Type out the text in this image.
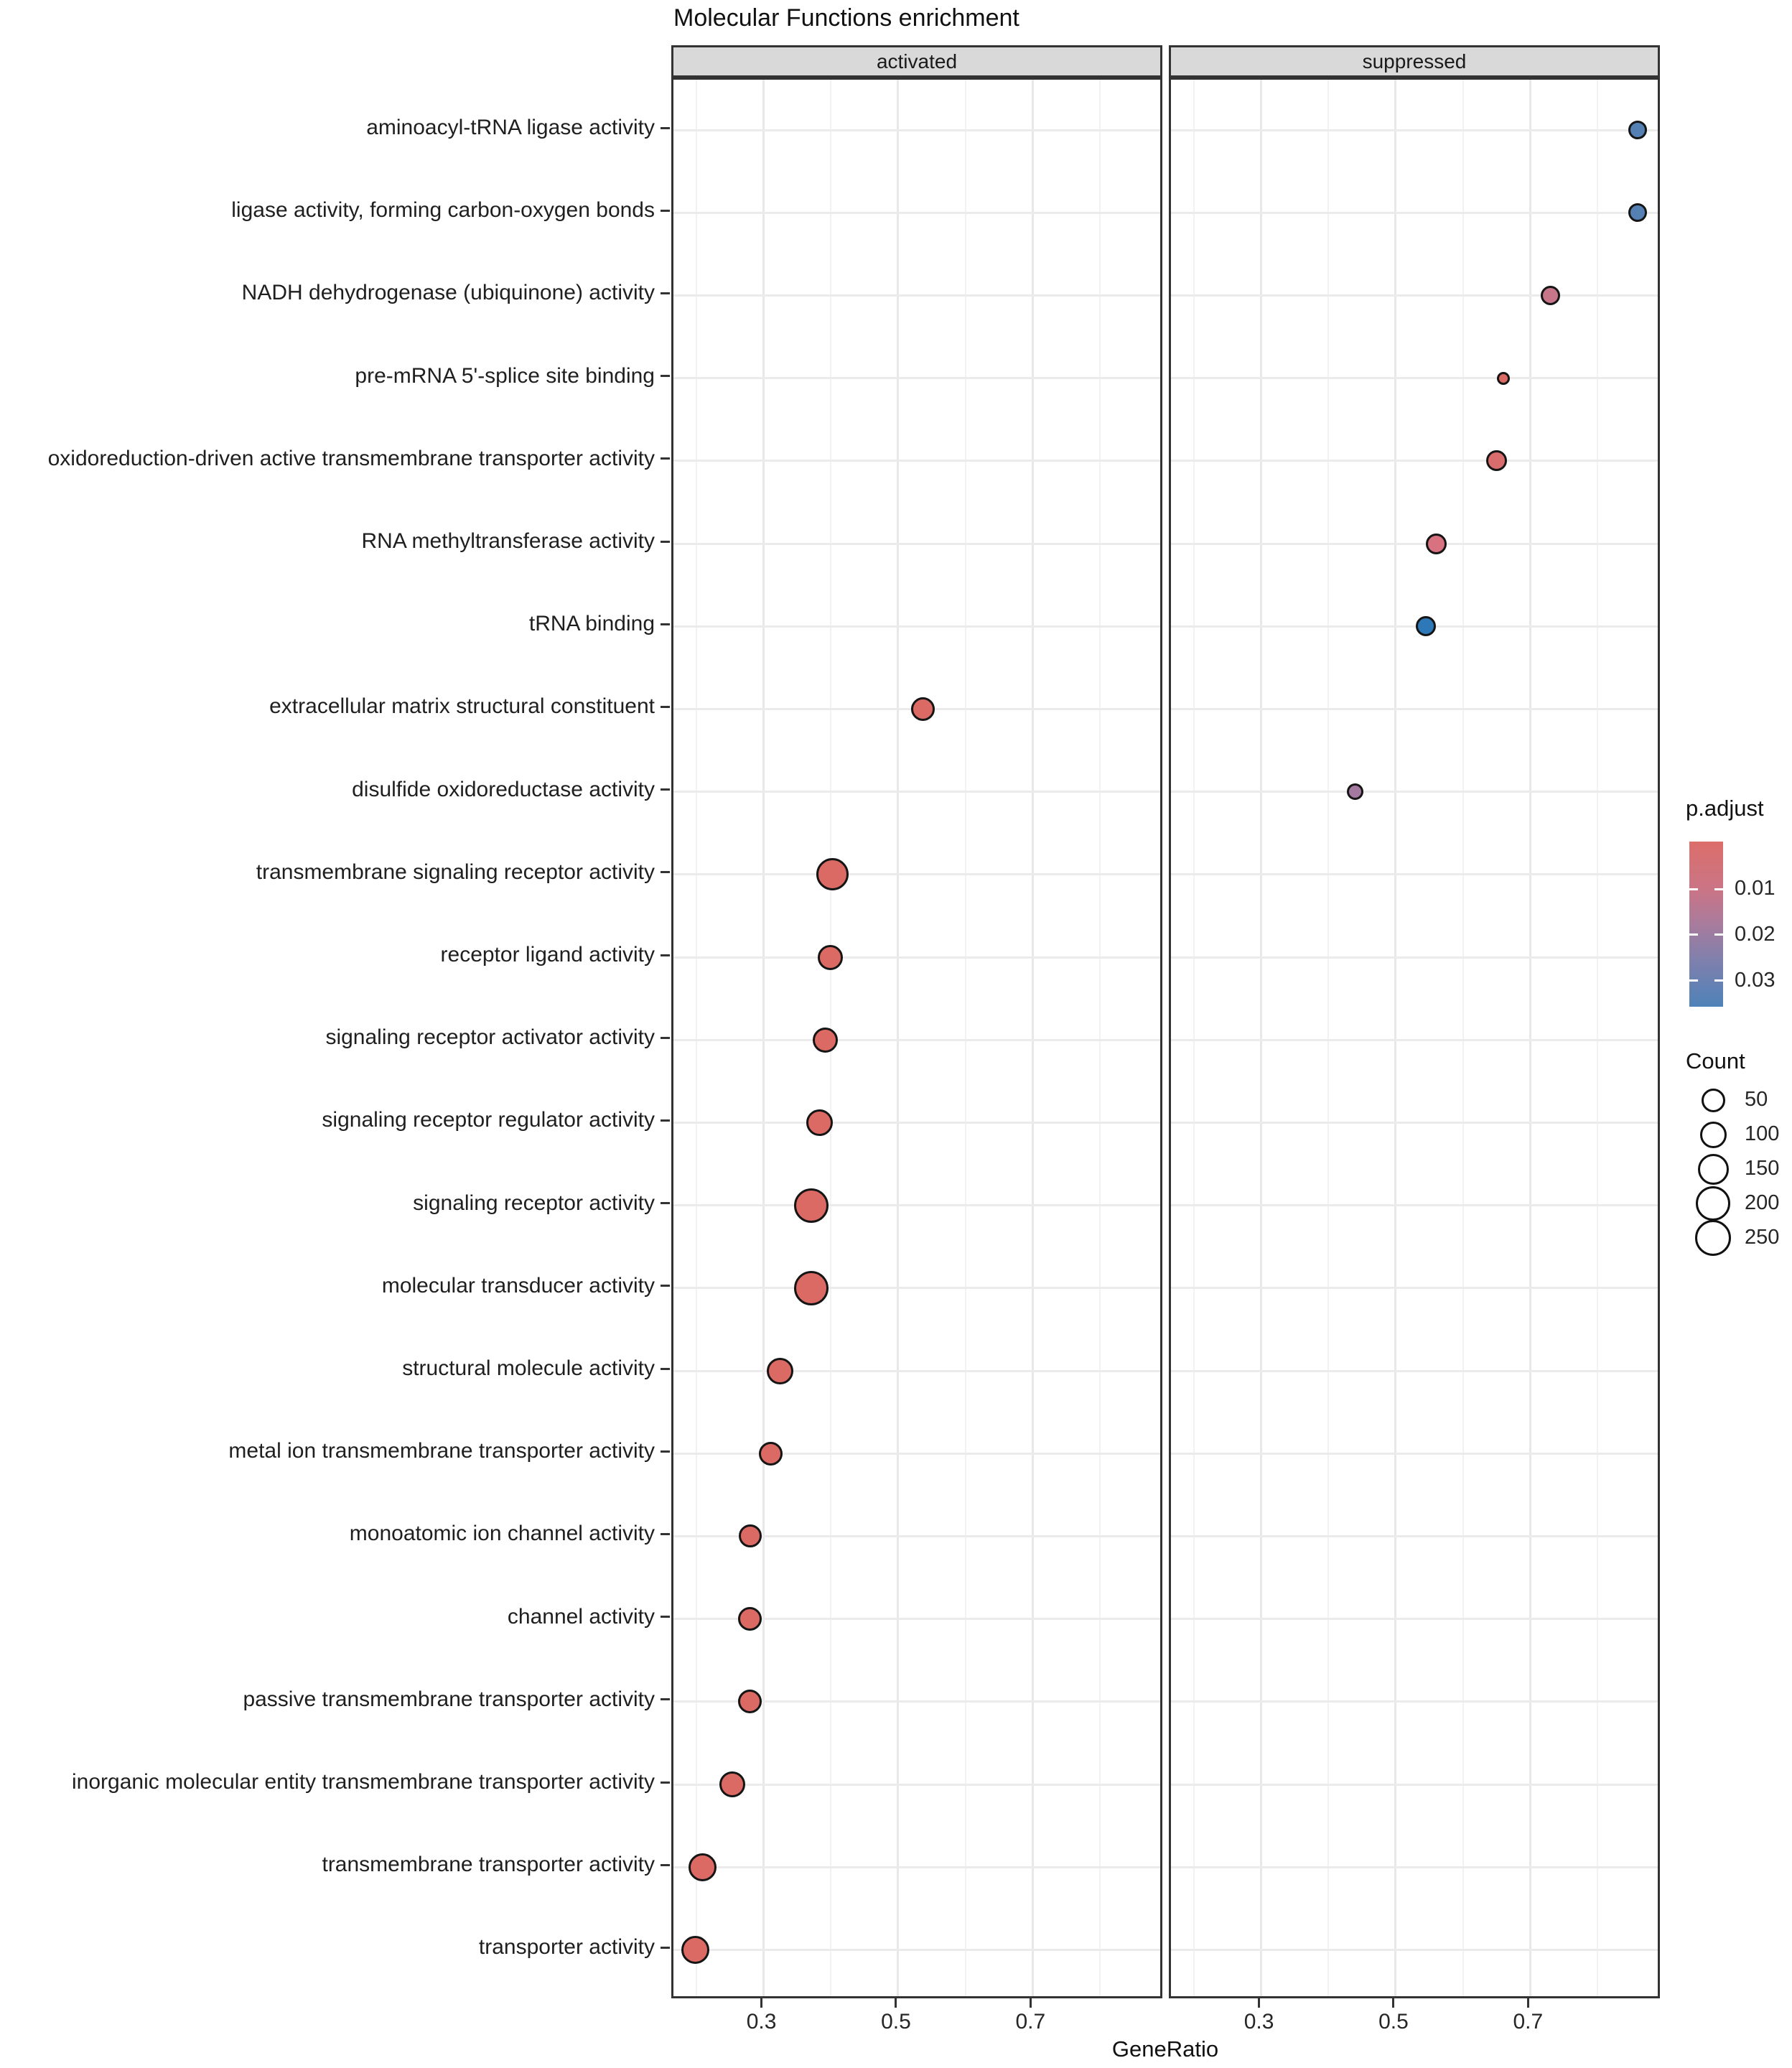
Molecular Functions enrichment
activated	suppressed
aminoacyl-tRNA ligase activity
ligase activity, forming carbon-oxygen bonds
NADH dehydrogenase (ubiquinone) activity
pre-mRNA 5'-splice site binding
oxidoreduction-driven active transmembrane transporter activity
RNA methyltransferase activity
tRNA binding
extracellular matrix structural constituent
disulfide oxidoreductase activity
transmembrane signaling receptor activity
receptor ligand activity
signaling receptor activator activity
signaling receptor regulator activity
signaling receptor activity
molecular transducer activity
structural molecule activity
metal ion transmembrane transporter activity
monoatomic ion channel activity
channel activity
passive transmembrane transporter activity
inorganic molecular entity transmembrane transporter activity
transmembrane transporter activity
transporter activity
0.3	0.5	0.7	0.3	0.5	0.7
GeneRatio
p.adjust
0.01
0.02
0.03
Count
50
100
150
200
250
